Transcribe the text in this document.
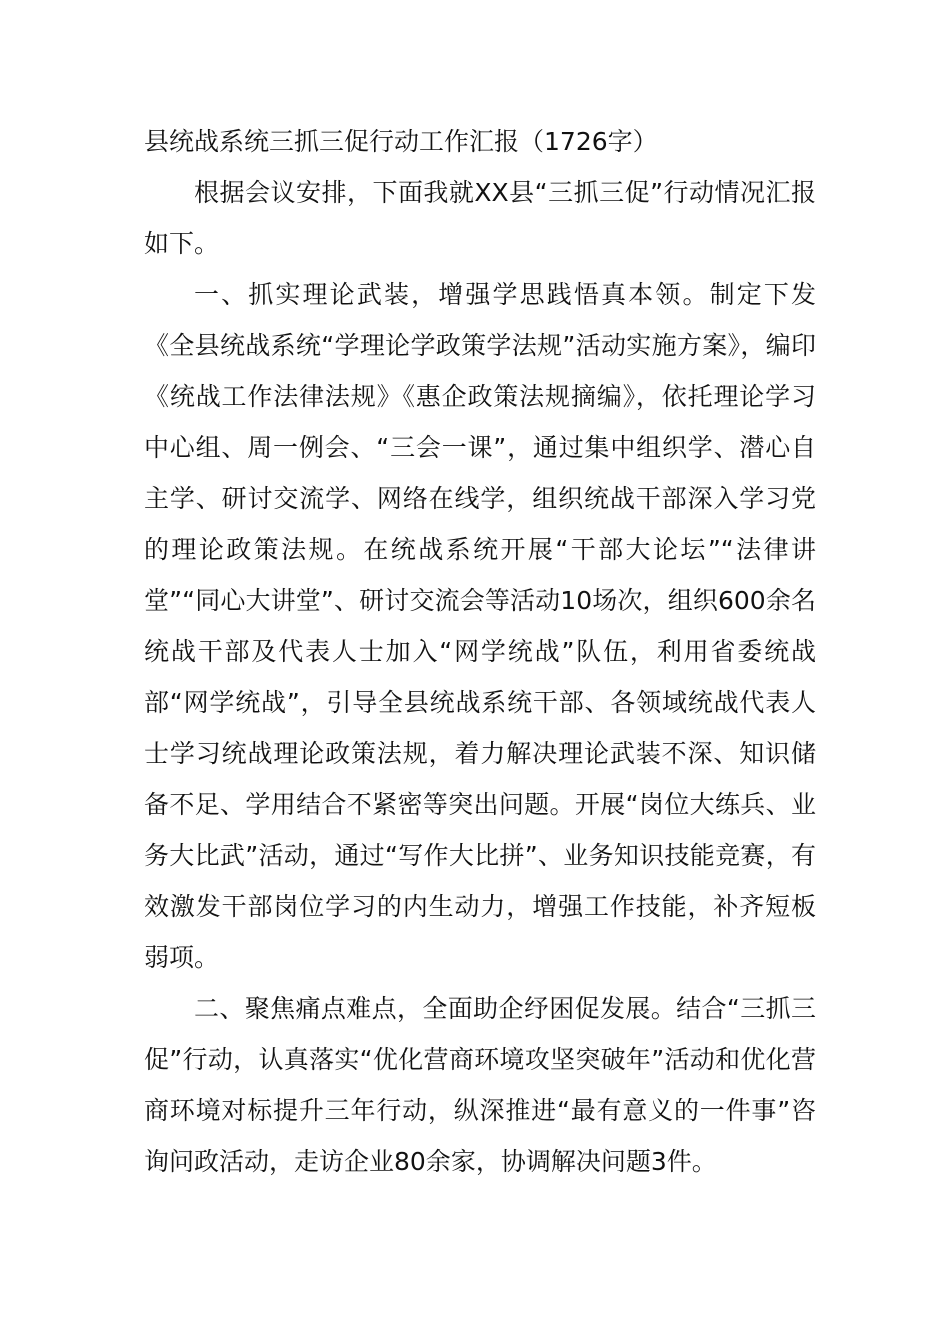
县统战系统三抓三促行动工作汇报（1726字）

根据会议安排，下面我就XX县“三抓三促”行动情况汇报如下。

一、抓实理论武装，增强学思践悟真本领。制定下发《全县统战系统“学理论学政策学法规”活动实施方案》，编印《统战工作法律法规》《惠企政策法规摘编》，依托理论学习中心组、周一例会、“三会一课”，通过集中组织学、潜心自主学、研讨交流学、网络在线学，组织统战干部深入学习党的理论政策法规。在统战系统开展“干部大论坛”“法律讲堂”“同心大讲堂”、研讨交流会等活动10场次，组织600余名统战干部及代表人士加入“网学统战”队伍，利用省委统战部“网学统战”，引导全县统战系统干部、各领域统战代表人士学习统战理论政策法规，着力解决理论武装不深、知识储备不足、学用结合不紧密等突出问题。开展“岗位大练兵、业务大比武”活动，通过“写作大比拼”、业务知识技能竞赛，有效激发干部岗位学习的内生动力，增强工作技能，补齐短板弱项。

二、聚焦痛点难点，全面助企纾困促发展。结合“三抓三促”行动，认真落实“优化营商环境攻坚突破年”活动和优化营商环境对标提升三年行动，纵深推进“最有意义的一件事”咨询问政活动，走访企业80余家，协调解决问题3件。
